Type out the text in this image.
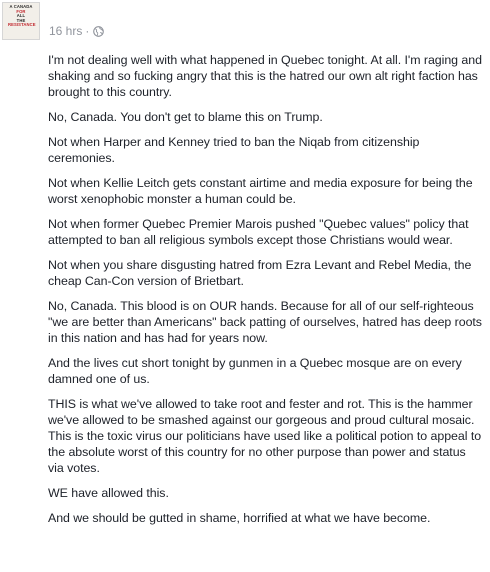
A CANADA
FOR
ALL
THE
RESISTANCE 16 hrs ·

I'm not dealing well with what happened in Quebec tonight. At all. I'm raging and shaking and so fucking angry that this is the hatred our own alt right faction has brought to this country.

No, Canada. You don't get to blame this on Trump.

Not when Harper and Kenney tried to ban the Niqab from citizenship ceremonies.

Not when Kellie Leitch gets constant airtime and media exposure for being the worst xenophobic monster a human could be.

Not when former Quebec Premier Marois pushed "Quebec values" policy that attempted to ban all religious symbols except those Christians would wear.

Not when you share disgusting hatred from Ezra Levant and Rebel Media, the cheap Can-Con version of Brietbart.

No, Canada. This blood is on OUR hands. Because for all of our self-righteous "we are better than Americans" back patting of ourselves, hatred has deep roots in this nation and has had for years now.

And the lives cut short tonight by gunmen in a Quebec mosque are on every damned one of us.

THIS is what we've allowed to take root and fester and rot. This is the hammer we've allowed to be smashed against our gorgeous and proud cultural mosaic. This is the toxic virus our politicians have used like a political potion to appeal to the absolute worst of this country for no other purpose than power and status via votes.

WE have allowed this.

And we should be gutted in shame, horrified at what we have become.
